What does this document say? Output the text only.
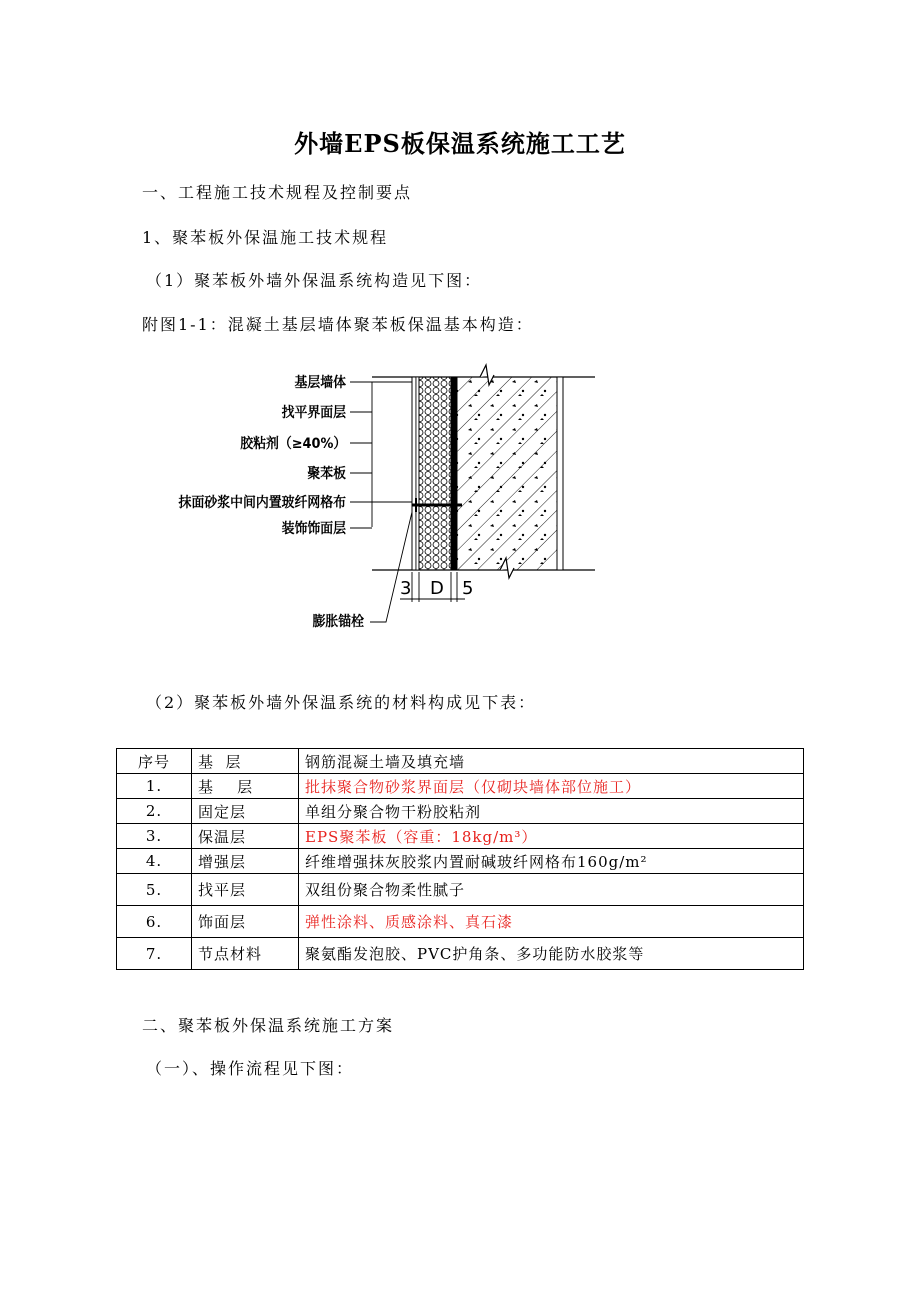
外墙EPS板保温系统施工工艺
一、工程施工技术规程及控制要点
1、聚苯板外保温施工技术规程
（1）聚苯板外墙外保温系统构造见下图：
附图1-1：混凝土基层墙体聚苯板保温基本构造：
3 D 5
基层墙体
找平界面层
胶粘剂（≥40%）
聚苯板
抹面砂浆中间内置玻纤网格布
装饰饰面层
膨胀锚栓
（2）聚苯板外墙外保温系统的材料构成见下表：
序号	基  层	钢筋混凝土墙及填充墙
1.	基    层	批抹聚合物砂浆界面层（仅砌块墙体部位施工）
2.	固定层	单组分聚合物干粉胶粘剂
3.	保温层	EPS聚苯板（容重：18kg/m³）
4.	增强层	纤维增强抹灰胶浆内置耐碱玻纤网格布160g/m²
5.	找平层	双组份聚合物柔性腻子
6.	饰面层	弹性涂料、质感涂料、真石漆
7.	节点材料	聚氨酯发泡胶、PVC护角条、多功能防水胶浆等
二、聚苯板外保温系统施工方案
（一）、操作流程见下图：
